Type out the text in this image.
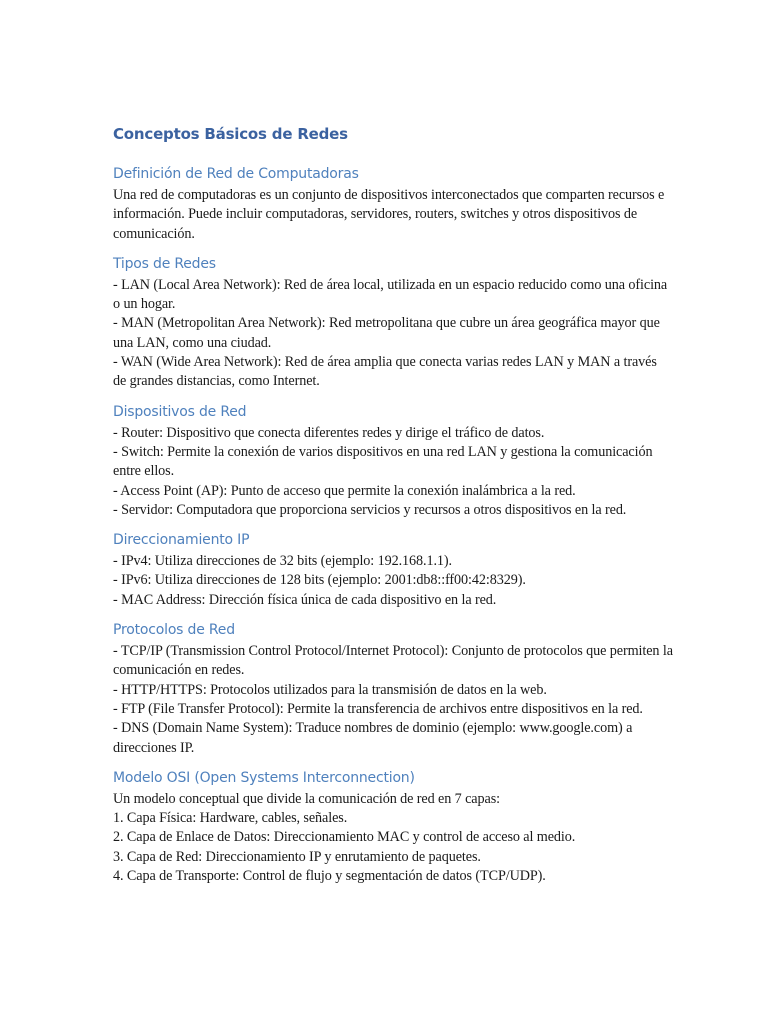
Conceptos Básicos de Redes
Definición de Red de Computadoras

Una red de computadoras es un conjunto de dispositivos interconectados que comparten recursos e información. Puede incluir computadoras, servidores, routers, switches y otros dispositivos de comunicación.

Tipos de Redes

- LAN (Local Area Network): Red de área local, utilizada en un espacio reducido como una oficina o un hogar.

- MAN (Metropolitan Area Network): Red metropolitana que cubre un área geográfica mayor que una LAN, como una ciudad.

- WAN (Wide Area Network): Red de área amplia que conecta varias redes LAN y MAN a través de grandes distancias, como Internet.

Dispositivos de Red

- Router: Dispositivo que conecta diferentes redes y dirige el tráfico de datos.

- Switch: Permite la conexión de varios dispositivos en una red LAN y gestiona la comunicación entre ellos.

- Access Point (AP): Punto de acceso que permite la conexión inalámbrica a la red.

- Servidor: Computadora que proporciona servicios y recursos a otros dispositivos en la red.

Direccionamiento IP

- IPv4: Utiliza direcciones de 32 bits (ejemplo: 192.168.1.1).

- IPv6: Utiliza direcciones de 128 bits (ejemplo: 2001:db8::ff00:42:8329).

- MAC Address: Dirección física única de cada dispositivo en la red.

Protocolos de Red

- TCP/IP (Transmission Control Protocol/Internet Protocol): Conjunto de protocolos que permiten la comunicación en redes.

- HTTP/HTTPS: Protocolos utilizados para la transmisión de datos en la web.

- FTP (File Transfer Protocol): Permite la transferencia de archivos entre dispositivos en la red.

- DNS (Domain Name System): Traduce nombres de dominio (ejemplo: www.google.com) a direcciones IP.

Modelo OSI (Open Systems Interconnection)

Un modelo conceptual que divide la comunicación de red en 7 capas:

1. Capa Física: Hardware, cables, señales.

2. Capa de Enlace de Datos: Direccionamiento MAC y control de acceso al medio.

3. Capa de Red: Direccionamiento IP y enrutamiento de paquetes.

4. Capa de Transporte: Control de flujo y segmentación de datos (TCP/UDP).
